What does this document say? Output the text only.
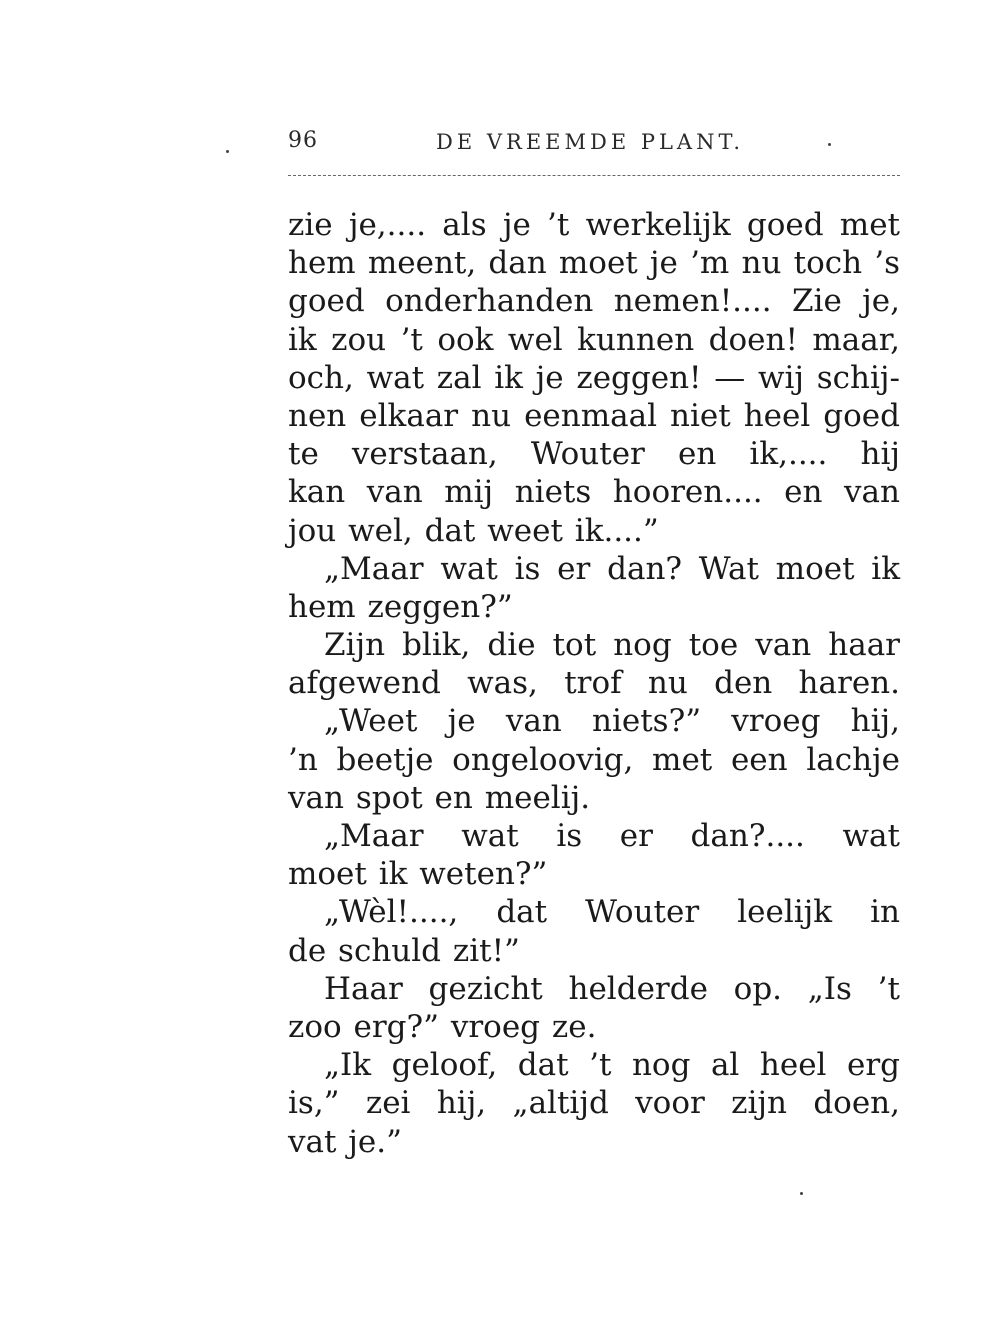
96	DE VREEMDE PLANT.
zie je,.... als je ’t werkelijk goed met
hem meent, dan moet je ’m nu toch ’s
goed onderhanden nemen!.... Zie je,
ik zou ’t ook wel kunnen doen! maar,
och, wat zal ik je zeggen! — wij schij-
nen elkaar nu eenmaal niet heel goed
te verstaan, Wouter en ik,.... hij
kan van mij niets hooren.... en van
jou wel, dat weet ik....”
„Maar wat is er dan? Wat moet ik
hem zeggen?”
Zijn blik, die tot nog toe van haar
afgewend was, trof nu den haren.
„Weet je van niets?” vroeg hij,
’n beetje ongeloovig, met een lachje
van spot en meelij.
„Maar wat is er dan?.... wat
moet ik weten?”
„Wèl!...., dat Wouter leelijk in
de schuld zit!”
Haar gezicht helderde op. „Is ’t
zoo erg?” vroeg ze.
„Ik geloof, dat ’t nog al heel erg
is,” zei hij, „altijd voor zijn doen,
vat je.”
